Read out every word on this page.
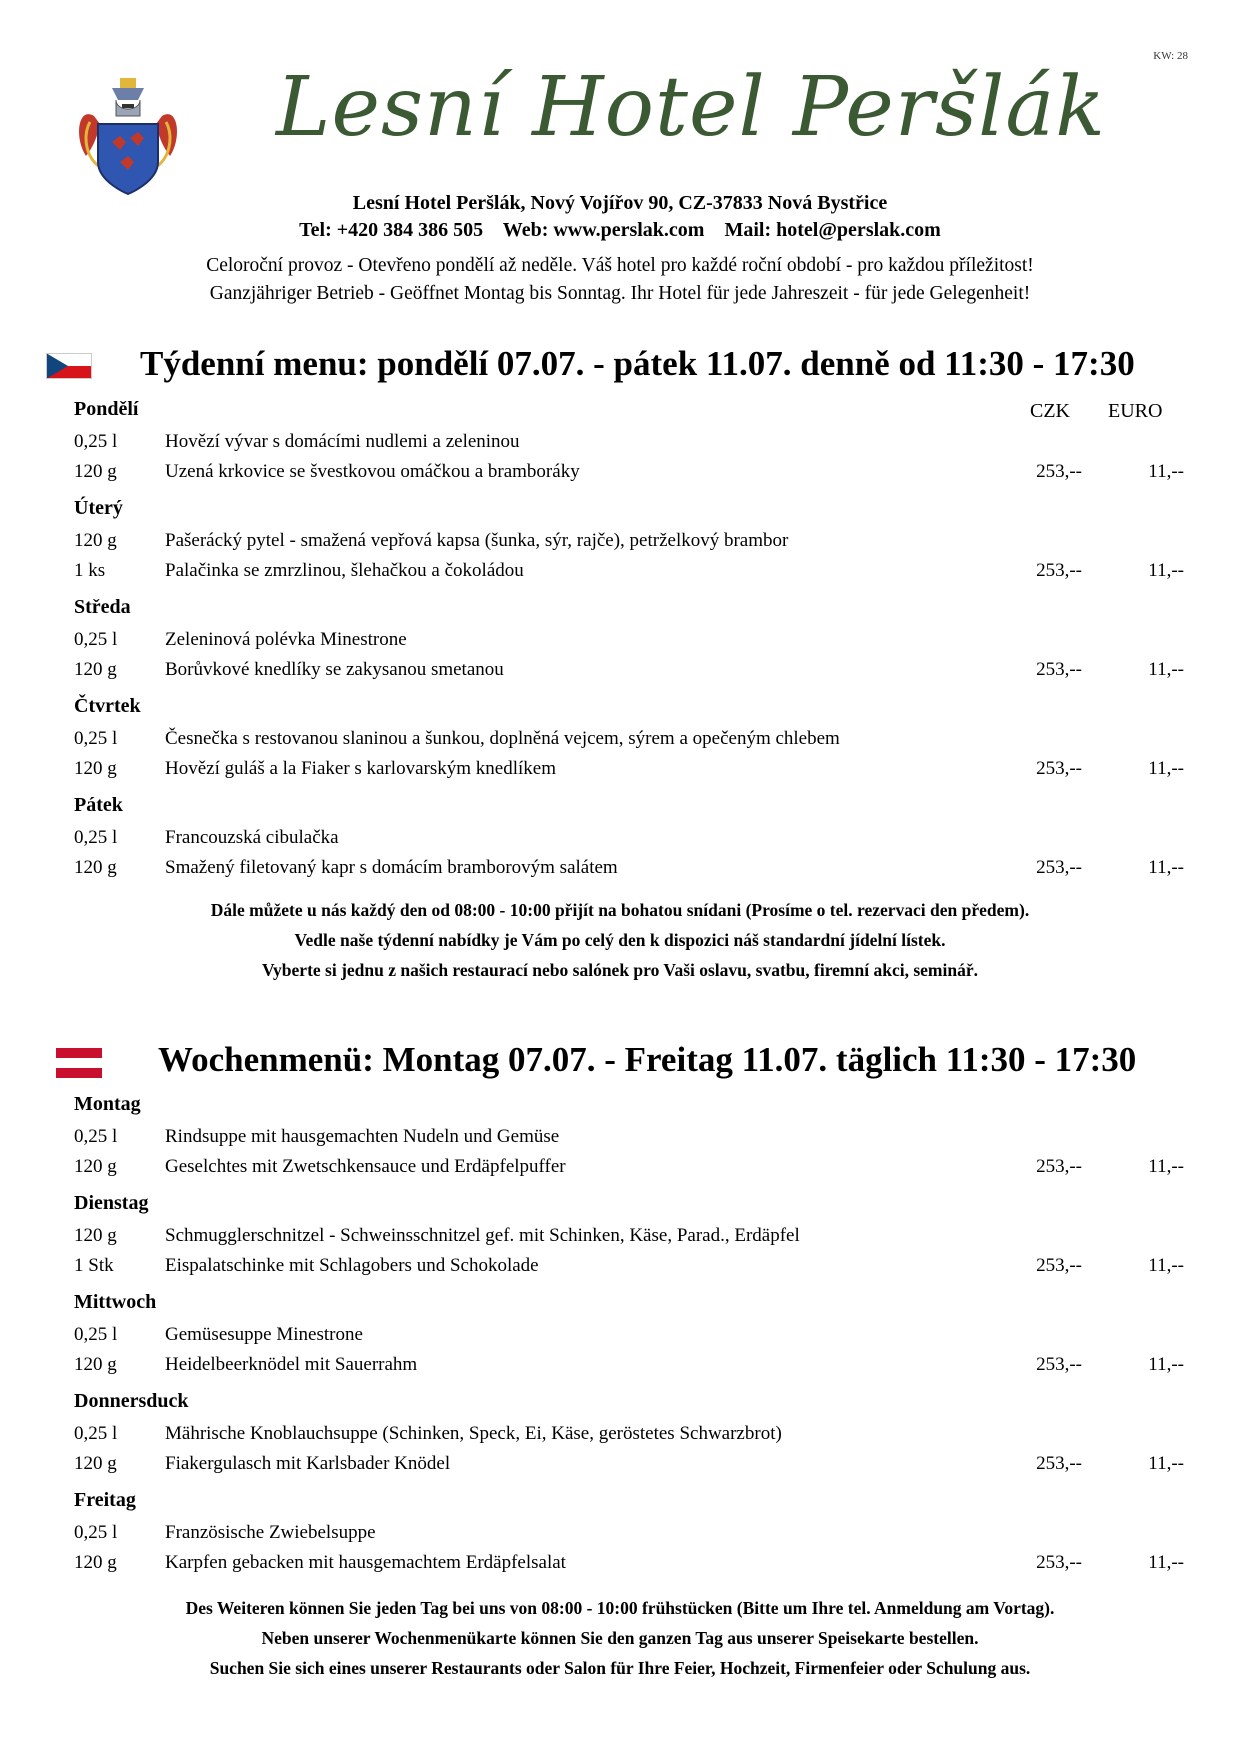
KW: 28
Lesní Hotel Peršlák
Lesní Hotel Peršlák, Nový Vojířov 90, CZ-37833 Nová Bystřice
Tel: +420 384 386 505    Web: www.perslak.com    Mail: hotel@perslak.com
Celoroční provoz - Otevřeno pondělí až neděle. Váš hotel pro každé roční období - pro každou příležitost!
Ganzjähriger Betrieb - Geöffnet Montag bis Sonntag. Ihr Hotel für jede Jahreszeit - für jede Gelegenheit!
Týdenní menu: pondělí 07.07. - pátek 11.07. denně od 11:30 - 17:30
CZK EURO
Pondělí
0,25 l	Hovězí vývar s domácími nudlemi a zeleninou
120 g	Uzená krkovice se švestkovou omáčkou a bramboráky	253,--	11,--
Úterý
120 g	Pašerácký pytel - smažená vepřová kapsa (šunka, sýr, rajče), petrželkový brambor
1 ks	Palačinka se zmrzlinou, šlehačkou a čokoládou	253,--	11,--
Středa
0,25 l	Zeleninová polévka Minestrone
120 g	Borůvkové knedlíky se zakysanou smetanou	253,--	11,--
Čtvrtek
0,25 l	Česnečka s restovanou slaninou a šunkou, doplněná vejcem, sýrem a opečeným chlebem
120 g	Hovězí guláš a la Fiaker s karlovarským knedlíkem	253,--	11,--
Pátek
0,25 l	Francouzská cibulačka
120 g	Smažený filetovaný kapr s domácím bramborovým salátem	253,--	11,--
Dále můžete u nás každý den od 08:00 - 10:00 přijít na bohatou snídani (Prosíme o tel. rezervaci den předem).
Vedle naše týdenní nabídky je Vám po celý den k dispozici náš standardní jídelní lístek.
Vyberte si jednu z našich restaurací nebo salónek pro Vaši oslavu, svatbu, firemní akci, seminář.
Wochenmenü: Montag 07.07. - Freitag 11.07. täglich 11:30 - 17:30
Montag
0,25 l	Rindsuppe mit hausgemachten Nudeln und Gemüse
120 g	Geselchtes mit Zwetschkensauce und Erdäpfelpuffer	253,--	11,--
Dienstag
120 g	Schmugglerschnitzel - Schweinsschnitzel gef. mit Schinken, Käse, Parad., Erdäpfel
1 Stk	Eispalatschinke mit Schlagobers und Schokolade	253,--	11,--
Mittwoch
0,25 l	Gemüsesuppe Minestrone
120 g	Heidelbeerknödel mit Sauerrahm	253,--	11,--
Donnersduck
0,25 l	Mährische Knoblauchsuppe (Schinken, Speck, Ei, Käse, geröstetes Schwarzbrot)
120 g	Fiakergulasch mit Karlsbader Knödel	253,--	11,--
Freitag
0,25 l	Französische Zwiebelsuppe
120 g	Karpfen gebacken mit hausgemachtem Erdäpfelsalat	253,--	11,--
Des Weiteren können Sie jeden Tag bei uns von 08:00 - 10:00 frühstücken (Bitte um Ihre tel. Anmeldung am Vortag).
Neben unserer Wochenmenükarte können Sie den ganzen Tag aus unserer Speisekarte bestellen.
Suchen Sie sich eines unserer Restaurants oder Salon für Ihre Feier, Hochzeit, Firmenfeier oder Schulung aus.
